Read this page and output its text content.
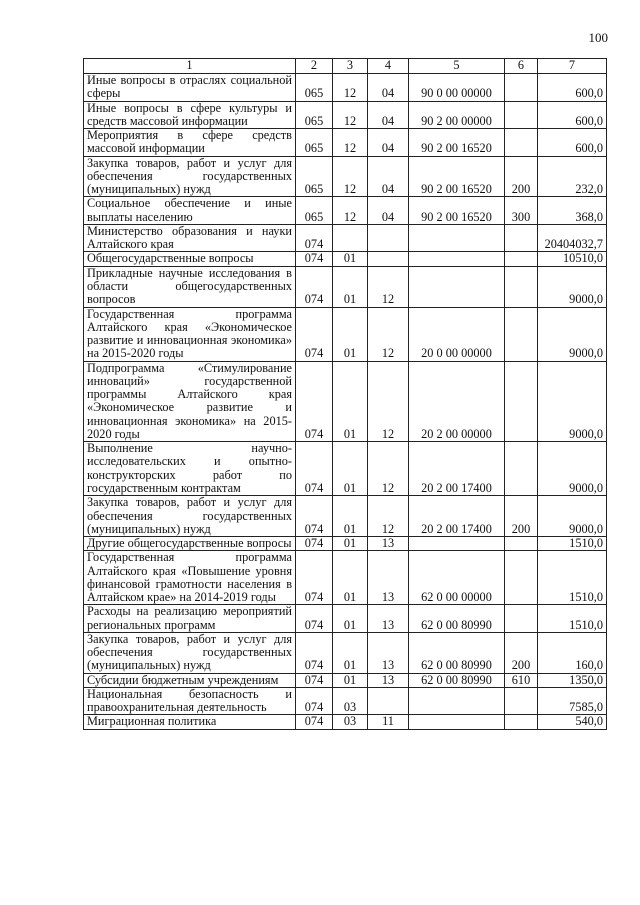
100
1	2	3	4	5	6	7
Иные вопросы в отраслях социальной сферы	065	12	04	90 0 00 00000		600,0
Иные вопросы в сфере культуры и средств массовой информации	065	12	04	90 2 00 00000		600,0
Мероприятия в сфере средств массовой информации	065	12	04	90 2 00 16520		600,0
Закупка товаров, работ и услуг для обеспечения государственных (муниципальных) нужд	065	12	04	90 2 00 16520	200	232,0
Социальное обеспечение и иные выплаты населению	065	12	04	90 2 00 16520	300	368,0
Министерство образования и науки Алтайского края	074					20404032,7
Общегосударственные вопросы	074	01				10510,0
Прикладные научные исследования в области общегосударственных вопросов	074	01	12			9000,0
Государственная программа Алтайского края «Экономическое развитие и инновационная экономика» на 2015-2020 годы	074	01	12	20 0 00 00000		9000,0
Подпрограмма «Стимулирование инноваций» государственной программы Алтайского края «Экономическое развитие и инновационная экономика» на 2015-2020 годы	074	01	12	20 2 00 00000		9000,0
Выполнение научно-исследовательских и опытно-конструкторских работ по государственным контрактам	074	01	12	20 2 00 17400		9000,0
Закупка товаров, работ и услуг для обеспечения государственных (муниципальных) нужд	074	01	12	20 2 00 17400	200	9000,0
Другие общегосударственные вопросы	074	01	13			1510,0
Государственная программа Алтайского края «Повышение уровня финансовой грамотности населения в Алтайском крае» на 2014-2019 годы	074	01	13	62 0 00 00000		1510,0
Расходы на реализацию мероприятий региональных программ	074	01	13	62 0 00 80990		1510,0
Закупка товаров, работ и услуг для обеспечения государственных (муниципальных) нужд	074	01	13	62 0 00 80990	200	160,0
Субсидии бюджетным учреждениям	074	01	13	62 0 00 80990	610	1350,0
Национальная безопасность и правоохранительная деятельность	074	03				7585,0
Миграционная политика	074	03	11			540,0
